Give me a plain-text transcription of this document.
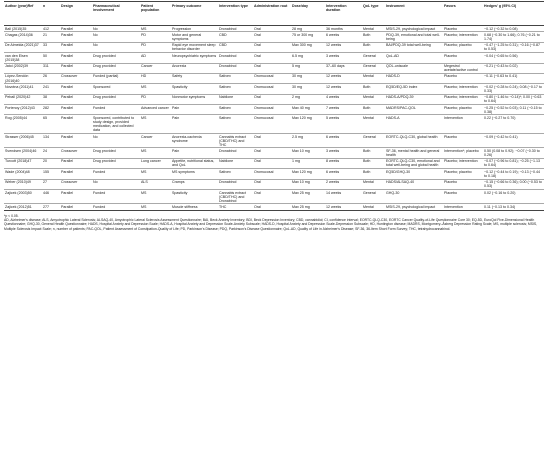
Author (year)Ref	n	Design	Pharmaceutical involvement	Patient population	Primary outcome	Intervention type	Administration rout	Dose/day	Intervention duration	QoL type	Instrument	Favors	Hedges' g (95% CI)
Ball (2015)35	412	Parallel	No	MS	Progression	Dronabinol	Oral	28 mg	36 months	Mental	MSIS-29, psychological impact	Placebo	−0.12 (−0.32 to 0.08)
Chagas (2014)36	21	Parallel	No	PD	Motor and general symptoms	CBD	Oral	75 or 300 mg	6 weeks	Both	PDQ-39, emotional and total well-being	Placebo; intervention	0.68 (−0.30 to 1.66); 0.76 (−0.21 to 1.74)
De Almeida (2021)37	33	Parallel	No	PD	Rapid eye movement sleep behavior disorder	CBD	Oral	Max 300 mg	12 weeks	Both	BAI/PDQ-39 total well-being	Placebo; placebo	−0.47 (−1.25 to 0.31); −0.16 (−0.87 to 0.53)
van den Elsen (2015)38	50	Parallel	Drug provided	AD	Neuropsychiatric symptoms	Dronabinol	Oral	6.5 mg	3 weeks	General	QoL-AD	Placebo	−0.04 (−0.65 to 0.56)
Jatoi (2002)39	311	Parallel	Drug provided	Cancer	Anorexia	Dronabinol	Oral	5 mg	37–60 days	General	QOL-uniscale	Megestrol acetate/active control	−0.21 (−0.43 to 0.02)
López-Sendón (2016)40	26	Crossover	Funded (partial)	HD	Safety	Sativex	Oromucosal	30 mg	12 weeks	Mental	HADS-D	Placebo	−0.11 (−0.63 to 0.41)
Novotna (2011)41	241	Parallel	Sponsored	MS	Spasticity	Sativex	Oromucosal	30 mg	12 weeks	Both	EQ5D/EQ-5D index	Placebo; intervention	−0.02 (−0.28 to 0.24); 0.08 (−0.17 to 0.33)
Peball (2020)42	38	Parallel	Drug provided	PD	Nonmotor symptoms	Nabilone	Oral	2 mg	4 weeks	Mental	HADS-A/PDQ-39	Placebo; intervention	−0.80 (−1.46 to −0.14)*; 0.00 (−0.63 to 0.64)
Portenoy (2012)43	282	Parallel	Funded	Advanced cancer	Pain	Sativex	Oromucosal	Max 40 mg	7 weeks	Both	MADRS/PAC-QOL	Placebo; placebo	−0.25 (−0.52 to 0.03); 0.11 (−0.15 to 0.38)
Rog (2005)44	65	Parallel	Sponsored, contributed to study design, provided medication, and collected data	MS	Pain	Sativex	Oromucosal	Max 120 mg	5 weeks	Mental	HADS-A	Intervention	0.22 (−0.27 to 0.70)
Strasser (2006)45	134	Parallel	No	Cancer	Anorexia-cachexia syndrome	Cannabis extract (CBD/THC) and THC	Oral	2.5 mg	6 weeks	General	EORTC-QLQ-C30, global health	Placebo	−0.09 (−0.42 to 0.41)
Svendsen (2004)46	24	Crossover	Drug provided	MS	Pain	Dronabinol	Oral	Max 10 mg	3 weeks	Both	SF-36, mental health and general health	Intervention*; placebo	0.50 (0.08 to 0.92); −0.07 (−0.30 to 0.26)
Turcott (2018)47	20	Parallel	Drug provided	Lung cancer	Appetite, nutritional status, and QoL	Nabilone	Oral	1 mg	8 weeks	Both	EORTC-QLQ-C30, emotional and total well-being and global health	Placebo; intervention	−0.07 (−0.96 to 0.81); −0.25 (−1.13 to 0.64)
Wade (2004)48	155	Parallel	Funded	MS	MS symptoms	Sativex	Oromucosal	Max 120 mg	6 weeks	Both	EQ5D/GHQ-30	Placebo; placebo	−0.12 (−0.44 to 0.19); −0.13 (−0.44 to 0.18)
Weber (2010)49	27	Crossover	No	ALS	Cramps	Dronabinol	Oral	Max 10 mg	2 weeks	Mental	HADS/ALSAQ-40	Placebo	−0.15 (−0.66 to 0.36); 0.00 (−0.53 to 0.53)
Zajicek (2003)50	446	Parallel	Funded	MS	Spasticity	Cannabis extract (CBD/THC) and Dronabinol	Oral	Max 25 mg	14 weeks	General	GHQ-30	Placebo	0.02 (−0.16 to 0.20)
Zajicek (2012)51	277	Parallel	Funded	MS	Muscle stiffness	THC	Oral	Max 25 mg	12 weeks	Mental	MSIS-29, psychological impact	Intervention	0.11 (−0.13 to 0.34)

*p < 0.05.

AD, Alzheimer's disease; ALS, Amyotrophic Lateral Sclerosis; ALSAQ-40, Amyotrophic Lateral Sclerosis Assessment Questionnaire; BAI, Beck Anxiety Inventory; BDI, Beck Depression Inventory; CBD, cannabidiol; CI, confidence interval; EORTC-QLQ-C30, EORTC Cancer Quality-of-Life Questionnaire Core 30; EQ-5D, EuroQol Five-Dimensional Health Questionnaire; GHQ-30, General Health Questionnaire; HADS, Hospital Anxiety and Depression Scale; HADS-A, Hospital Anxiety and Depression Scale-Anxiety Subscale; HADS-D, Hospital Anxiety and Depression Scale-Depression Subscale; HD, Huntington disease; MADRS, Montgomery–Åsberg Depression Rating Scale; MS, multiple sclerosis; MSIS, Multiple Sclerosis Impact Scale; n, number of patients; PAC-QOL, Patient Assessment of Constipation-Quality of Life; PD, Parkinson's Disease; PDQ, Parkinson's Disease Questionnaire; QoL-AD, Quality of Life in Alzheimer's Disease; SF-36, 36-Item Short Form Survey; THC, tetrahydrocannabinol.
